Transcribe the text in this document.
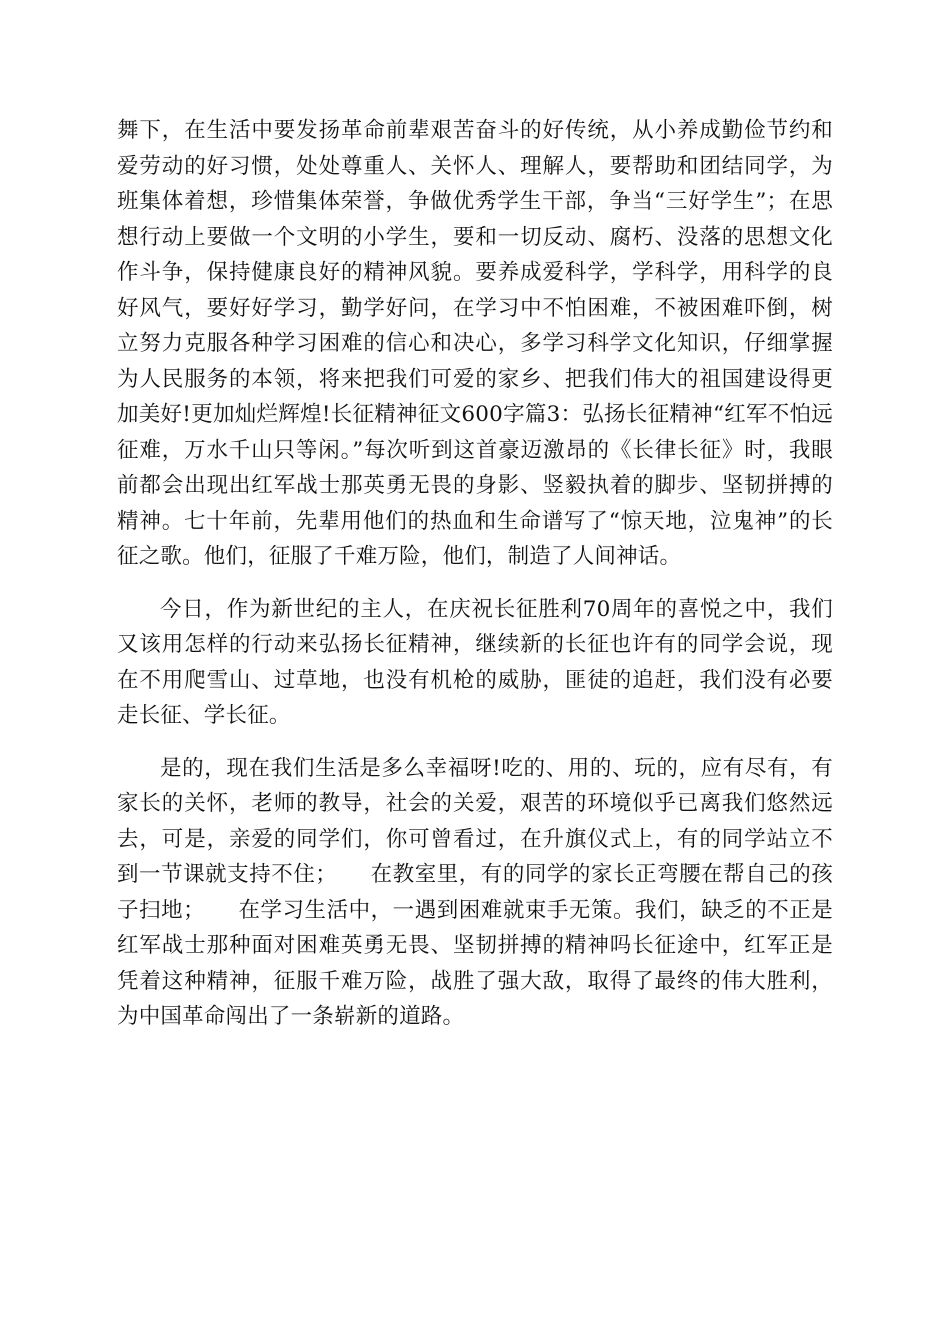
舞下，在生活中要发扬革命前辈艰苦奋斗的好传统，从小养成勤俭节约和爱劳动的好习惯，处处尊重人、关怀人、理解人，要帮助和团结同学，为班集体着想，珍惜集体荣誉，争做优秀学生干部，争当“三好学生”；在思想行动上要做一个文明的小学生，要和一切反动、腐朽、没落的思想文化作斗争，保持健康良好的精神风貌。要养成爱科学，学科学，用科学的良好风气，要好好学习，勤学好问，在学习中不怕困难，不被困难吓倒，树立努力克服各种学习困难的信心和决心，多学习科学文化知识，仔细掌握为人民服务的本领，将来把我们可爱的家乡、把我们伟大的祖国建设得更加美好!更加灿烂辉煌!长征精神征文600字篇3：弘扬长征精神“红军不怕远征难，万水千山只等闲。”每次听到这首豪迈激昂的《长律长征》时，我眼前都会出现出红军战士那英勇无畏的身影、竖毅执着的脚步、坚韧拼搏的精神。七十年前，先辈用他们的热血和生命谱写了“惊天地，泣鬼神”的长征之歌。他们，征服了千难万险，他们，制造了人间神话。

今日，作为新世纪的主人，在庆祝长征胜利70周年的喜悦之中，我们又该用怎样的行动来弘扬长征精神，继续新的长征也许有的同学会说，现在不用爬雪山、过草地，也没有机枪的威胁，匪徒的追赶，我们没有必要走长征、学长征。

是的，现在我们生活是多么幸福呀!吃的、用的、玩的，应有尽有，有家长的关怀，老师的教导，社会的关爱，艰苦的环境似乎已离我们悠然远去，可是，亲爱的同学们，你可曾看过，在升旗仪式上，有的同学站立不到一节课就支持不住；　　在教室里，有的同学的家长正弯腰在帮自己的孩子扫地；　　在学习生活中，一遇到困难就束手无策。我们，缺乏的不正是红军战士那种面对困难英勇无畏、坚韧拼搏的精神吗长征途中，红军正是凭着这种精神，征服千难万险，战胜了强大敌，取得了最终的伟大胜利，为中国革命闯出了一条崭新的道路。
